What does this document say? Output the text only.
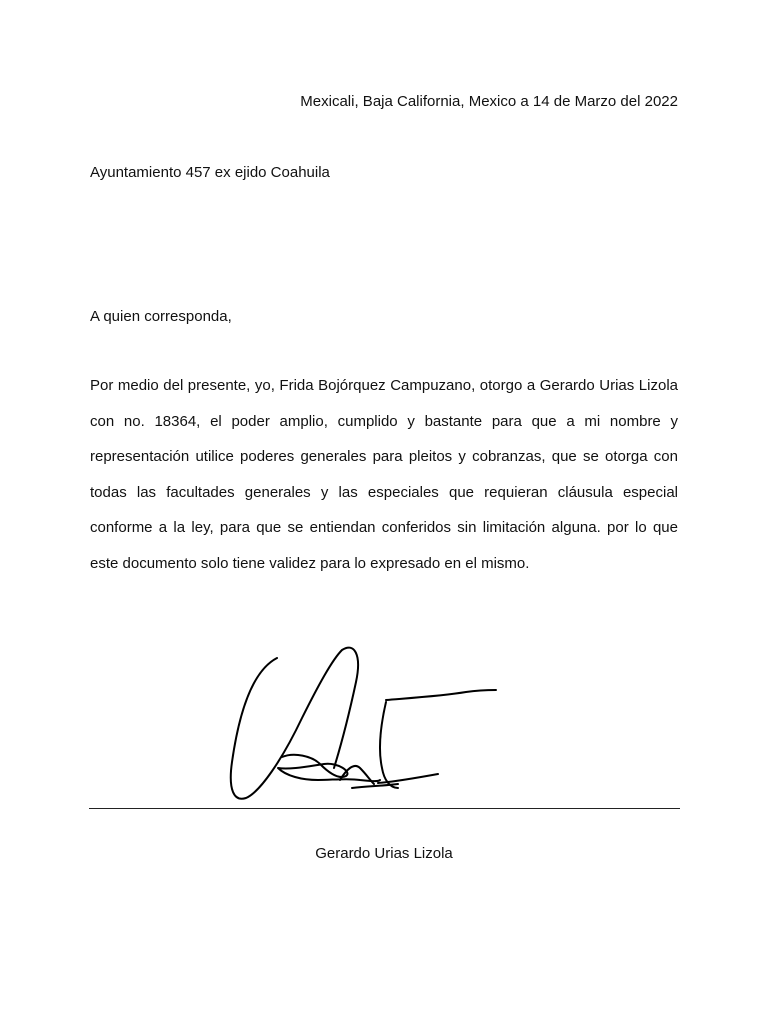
Mexicali, Baja California, Mexico a 14 de Marzo del 2022
Ayuntamiento 457 ex ejido Coahuila
A quien corresponda,

Por medio del presente, yo, Frida Bojórquez Campuzano, otorgo a Gerardo Urias Lizola con no. 18364, el poder amplio, cumplido y bastante para que a mi nombre y representación utilice poderes generales para pleitos y cobranzas, que se otorga con todas las facultades generales y las especiales que requieran cláusula especial conforme a la ley, para que se entiendan conferidos sin limitación alguna. por lo que este documento solo tiene validez para lo expresado en el mismo.

Gerardo Urias Lizola
